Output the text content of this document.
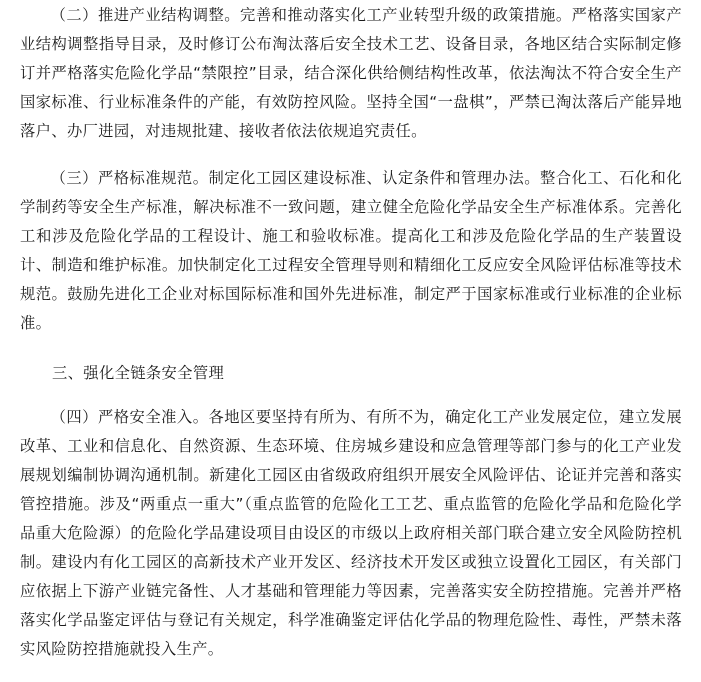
（二）推进产业结构调整。完善和推动落实化工产业转型升级的政策措施。严格落实国家产业结构调整指导目录，及时修订公布淘汰落后安全技术工艺、设备目录，各地区结合实际制定修订并严格落实危险化学品“禁限控”目录，结合深化供给侧结构性改革，依法淘汰不符合安全生产国家标准、行业标准条件的产能，有效防控风险。坚持全国“一盘棋”，严禁已淘汰落后产能异地落户、办厂进园，对违规批建、接收者依法依规追究责任。

（三）严格标准规范。制定化工园区建设标准、认定条件和管理办法。整合化工、石化和化学制药等安全生产标准，解决标准不一致问题，建立健全危险化学品安全生产标准体系。完善化工和涉及危险化学品的工程设计、施工和验收标准。提高化工和涉及危险化学品的生产装置设计、制造和维护标准。加快制定化工过程安全管理导则和精细化工反应安全风险评估标准等技术规范。鼓励先进化工企业对标国际标准和国外先进标准，制定严于国家标准或行业标准的企业标准。

三、强化全链条安全管理

（四）严格安全准入。各地区要坚持有所为、有所不为，确定化工产业发展定位，建立发展改革、工业和信息化、自然资源、生态环境、住房城乡建设和应急管理等部门参与的化工产业发展规划编制协调沟通机制。新建化工园区由省级政府组织开展安全风险评估、论证并完善和落实管控措施。涉及“两重点一重大”（重点监管的危险化工工艺、重点监管的危险化学品和危险化学品重大危险源）的危险化学品建设项目由设区的市级以上政府相关部门联合建立安全风险防控机制。建设内有化工园区的高新技术产业开发区、经济技术开发区或独立设置化工园区，有关部门应依据上下游产业链完备性、人才基础和管理能力等因素，完善落实安全防控措施。完善并严格落实化学品鉴定评估与登记有关规定，科学准确鉴定评估化学品的物理危险性、毒性，严禁未落实风险防控措施就投入生产。
